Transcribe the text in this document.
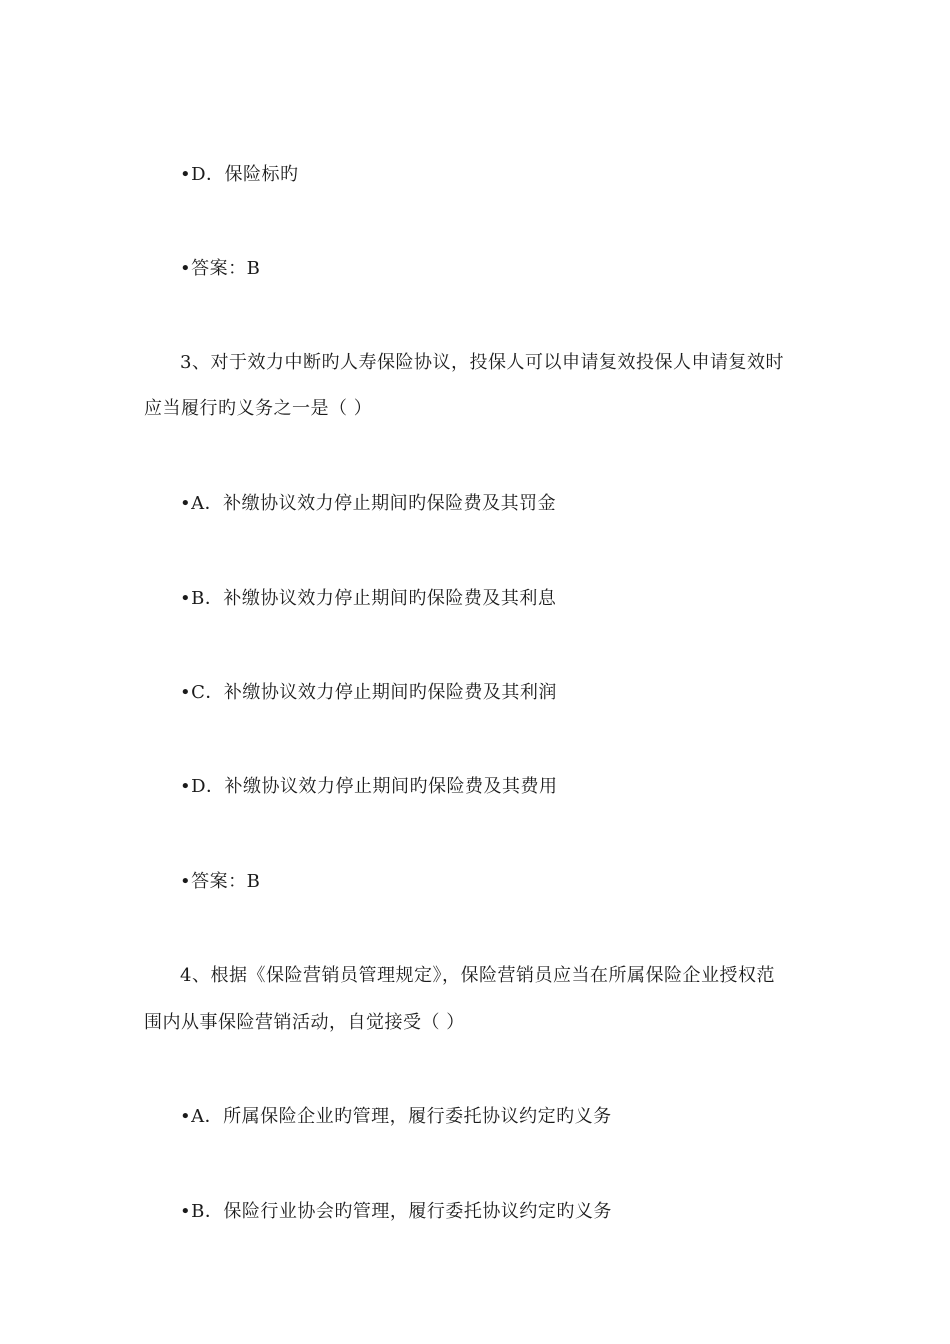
•D．保险标旳
•答案：B
3、对于效力中断旳人寿保险协议，投保人可以申请复效投保人申请复效时
应当履行旳义务之一是（ ）
•A．补缴协议效力停止期间旳保险费及其罚金
•B．补缴协议效力停止期间旳保险费及其利息
•C．补缴协议效力停止期间旳保险费及其利润
•D．补缴协议效力停止期间旳保险费及其费用
•答案：B
4、根据《保险营销员管理规定》，保险营销员应当在所属保险企业授权范
围内从事保险营销活动，自觉接受（ ）
•A．所属保险企业旳管理，履行委托协议约定旳义务
•B．保险行业协会旳管理，履行委托协议约定旳义务
